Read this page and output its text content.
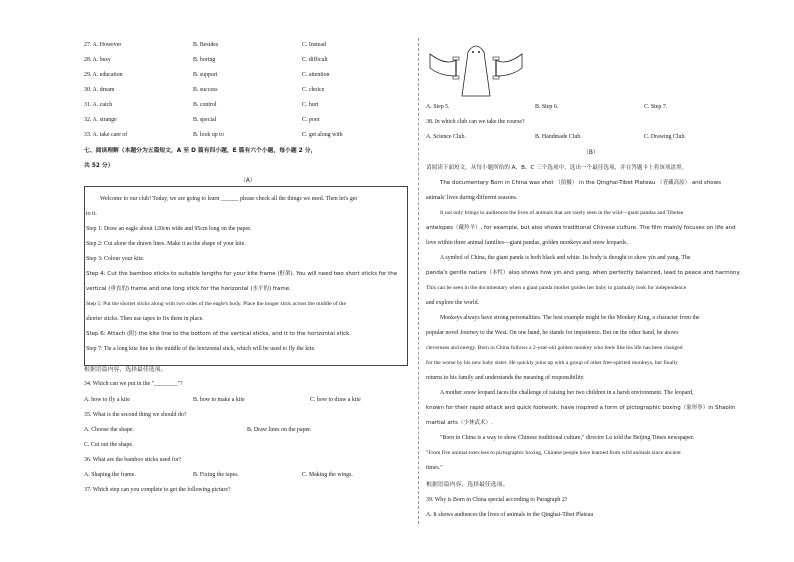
27. A. However	B. Besides	C. Instead
28. A. busy	B. boring	C. difficult
29. A. education	B. support	C. attention
30. A. dream	B. success	C. choice
31. A. catch	B. control	C. hurt
32. A. strange	B. special	C. poor
33. A. take care of	B. look up to	C. get along with
七、阅读理解（本题分为五篇短文，A 至 D 篇有四小题，E 篇有六个小题，每小题 2 分，
共 52 分）
（A）
Welcome to our club! Today, we are going to learn ______ please check all the things we need. Then let's get
to it.
Step 1: Draw an eagle about 120cm wide and 95cm long on the paper.
Step 2: Cut alone the drawn lines. Make it as the shape of your kite.
Step 3: Colour your kite.
Step 4: Cut the bamboo sticks to suitable lengths for your kite frame (框架). You will need two short sticks for the
vertical (垂直的) frame and one long stick for the horizontal (水平的) frame.
Step 5: Put the shorter sticks along with two sides of the eagle's body. Place the longer stick across the middle of the
shorter sticks. Then use tapes to fix them in place.
Step 6: Attach (附) the kite line to the bottom of the vertical sticks, and it to the horizontal stick.
Step 7: Tie a long kite line to the middle of the horizontal stick, which will be used to fly the kite.
根据语篇内容，选择最佳选项。
34. Which can we put in the "________"?
A. how to fly a kite	B. how to make a kite	C. how to draw a kite
35. What is the second thing we should do?
A. Choose the shape.	B. Draw lines on the paper.
C. Cut out the shape.
36. What are the bamboo sticks used for?
A. Shaping the frame.	B. Fixing the tapes.	C. Making the wings.
37. Which step can you complete to get the following picture?
A. Step 5.	B. Step 6.	C. Step 7.
38. In which club can we take the course?
A. Science Club.	B. Handmade Club.	C. Drawing Club.
（B）
请阅读下面短文，从每小题所给的 A、B、C 三个选项中，选出一个最佳选项，并在答题卡上将该项涂黑。
The documentary Born in China was shot （拍摄） in the Qinghai-Tibet Plateau （青藏高原） and shows
animals' lives during different seasons.
It not only brings to audiences the lives of animals that are rarely seen in the wild—giant pandas and Tibetan
antelopes（藏羚羊）, for example, but also shows traditional Chinese culture. The film mainly focuses on life and
love within three animal families—giant pandas, golden monkeys and snow leopards.
A symbol of China, the giant panda is both black and white. Its body is thought to show yin and yang. The
panda's gentle nature（本性）also shows how yin and yang, when perfectly balanced, lead to peace and harmony.
This can be seen in the documentary when a giant panda mother guides her baby to gradually look for independence
and explore the world.
Monkeys always have strong personalities. The best example might be the Monkey King, a character from the
popular novel Journey to the West. On one hand, he stands for impatience. But on the other hand, he shows
cleverness and energy. Born in China follows a 2-year-old golden monkey who feels like his life has been changed
for the worse by his new baby sister. He quickly joins up with a group of other free-spirited monkeys, but finally
returns to his family and understands the meaning of responsibility.
A mother snow leopard faces the challenge of raising her two children in a harsh environment. The leopard,
known for their rapid attack and quick footwork, have inspired a form of pictographic boxing（象形拳）in Shaolin
martial arts（少林武术）.
"Born in China is a way to show Chinese traditional culture," director Lu told the Beijing Times newspaper.
"From five animal exercises to pictographic boxing, Chinese people have learned from wild animals since ancient
times."
根据语篇内容，选择最佳选项。
39. Why is Born in China special according to Paragraph 2?
A. It shows audiences the lives of animals in the Qinghai-Tibet Plateau
